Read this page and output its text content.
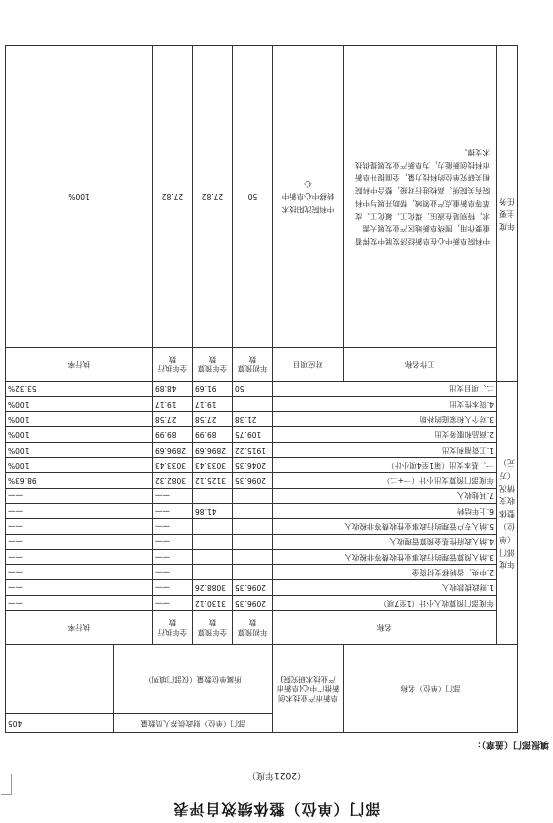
部门（单位）整体绩效自评表
（2021年度）
填报部门（盖章）：
部门（单位）名称		阜新市产业技术创新推广中心(阜新市产业技术研究院)	部门（单位）财政供养人员数量				405
			所属单位数量（仅部门填列）				

年度部门（单位）整体收支情况（万元）	名称		年初预算数	全年预算数	全年执行数	执行率	
	年度部门预算收入小计（1至7项）		2096.35	3130.12	——	——	
	1.财政拨款收入		2096.35	3088.26	——	——	
	2.中央、省转移支付资金				——	——	
	3.纳入预算管理的行政事业性收费等非税收入				——	——	
	4.纳入政府性基金预算管理收入				——	——	
	5.纳入专户管理的行政事业性收费等非税收入				——	——	
	6.上年结转			41.86	——	——	
	7.其他收入				——	——	
	年度部门预算支出小计（一+二）		2096.35	3125.12	3082.32	98.63%	
	一、基本支出（第1至4项小计）		2046.35	3033.43	3033.43	100%	
	1.工资福利支出		1915.22	2896.69	2896.69	100%	
	2.商品和服务支出		109.75	89.99	89.99	100%	
	3.对个人和家庭的补助		21.38	27.58	27.58	100%	
	4.资本性支出			19.17	19.17	100%	
	二、项目支出		50	91.69	48.89	53.32%	
年度主要任务	工作名称	对应项目	年初预算数	全年预算数	全年执行数	执行率	
	中科院阜新中心在阜新经济发展中发挥着重要作用，围绕阜新地区产业发展大需求，特别是在液压、煤化工、氟化工、皮革等阜新重点产业领域，帮助开展与中科院有关院所、高校进行对接，整合中科院相关研究单位的科技力量，全面提升阜新市科技创新能力，为阜新产业发展提供技术支撑。	中科院沈阳技术转移中心阜新中心	50	27.82	27.82	100%	
